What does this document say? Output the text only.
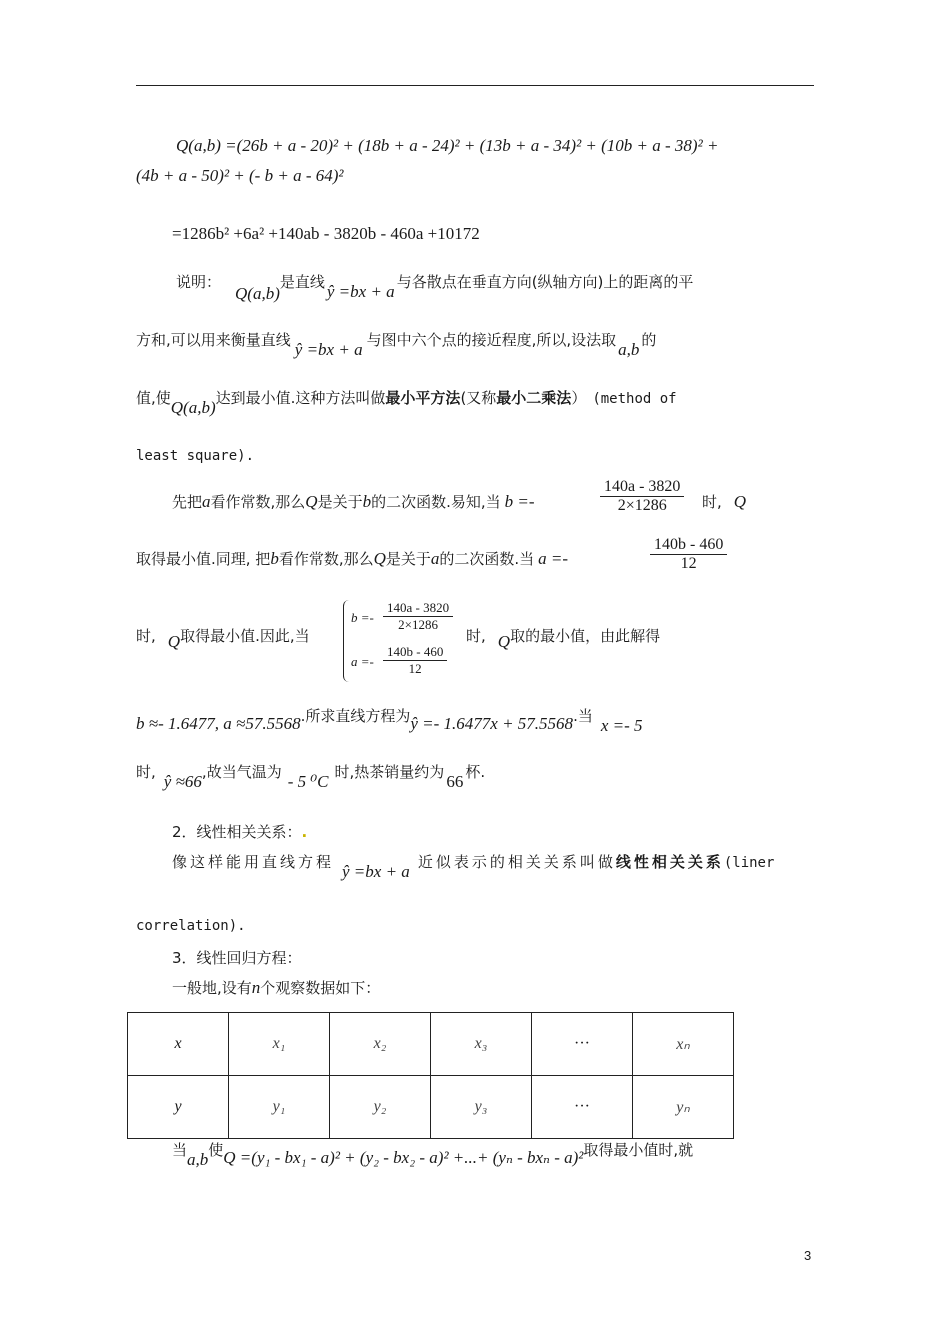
Q(a,b) =(26b + a - 20)² + (18b + a - 24)² + (13b + a - 34)² + (10b + a - 38)² +
(4b + a - 50)² + (- b + a - 64)²
=1286b² +6a² +140ab - 3820b - 460a +10172
说明：Q(a,b)是直线 ŷ =bx + a 与各散点在垂直方向(纵轴方向)上的距离的平
方和,可以用来衡量直线 ŷ =bx + a 与图中六个点的接近程度,所以,设法取 a,b 的
值,使Q(a,b)达到最小值.这种方法叫做最小平方法(又称最小二乘法） (method of
least square).
先把a看作常数,那么Q是关于b的二次函数.易知,当 b =-	$\frac{140a - 3820}{2\times 1286}$ 时, Q
取得最小值.同理, 把b看作常数,那么Q是关于a的二次函数.当 a =-	$\frac{140b - 460}{12}$
时, Q取得最小值.因此,当
$b =- \frac{140a - 3820}{2\times 1286}$
$a =- \frac{140b - 460}{12}$
时, Q取的最小值，由此解得
b ≈- 1.6477, a ≈57.5568.所求直线方程为ŷ =- 1.6477x + 57.5568.当 x =- 5
时, ŷ ≈66,故当气温为 - 5 ⁰C 时,热茶销量约为 66 杯.
2．线性相关关系：.
像这样能用直线方程 ŷ =bx + a 近似表示的相关关系叫做线性相关关系(liner
correlation).
3．线性回归方程：
一般地,设有n个观察数据如下：
x	x₁	x₂	x₃	···	xₙ
y	y₁	y₂	y₃	···	yₙ
当a,b使Q =(y₁ - bx₁ - a)² + (y₂ - bx₂ - a)² +...+ (yₙ - bxₙ - a)²取得最小值时,就
3
